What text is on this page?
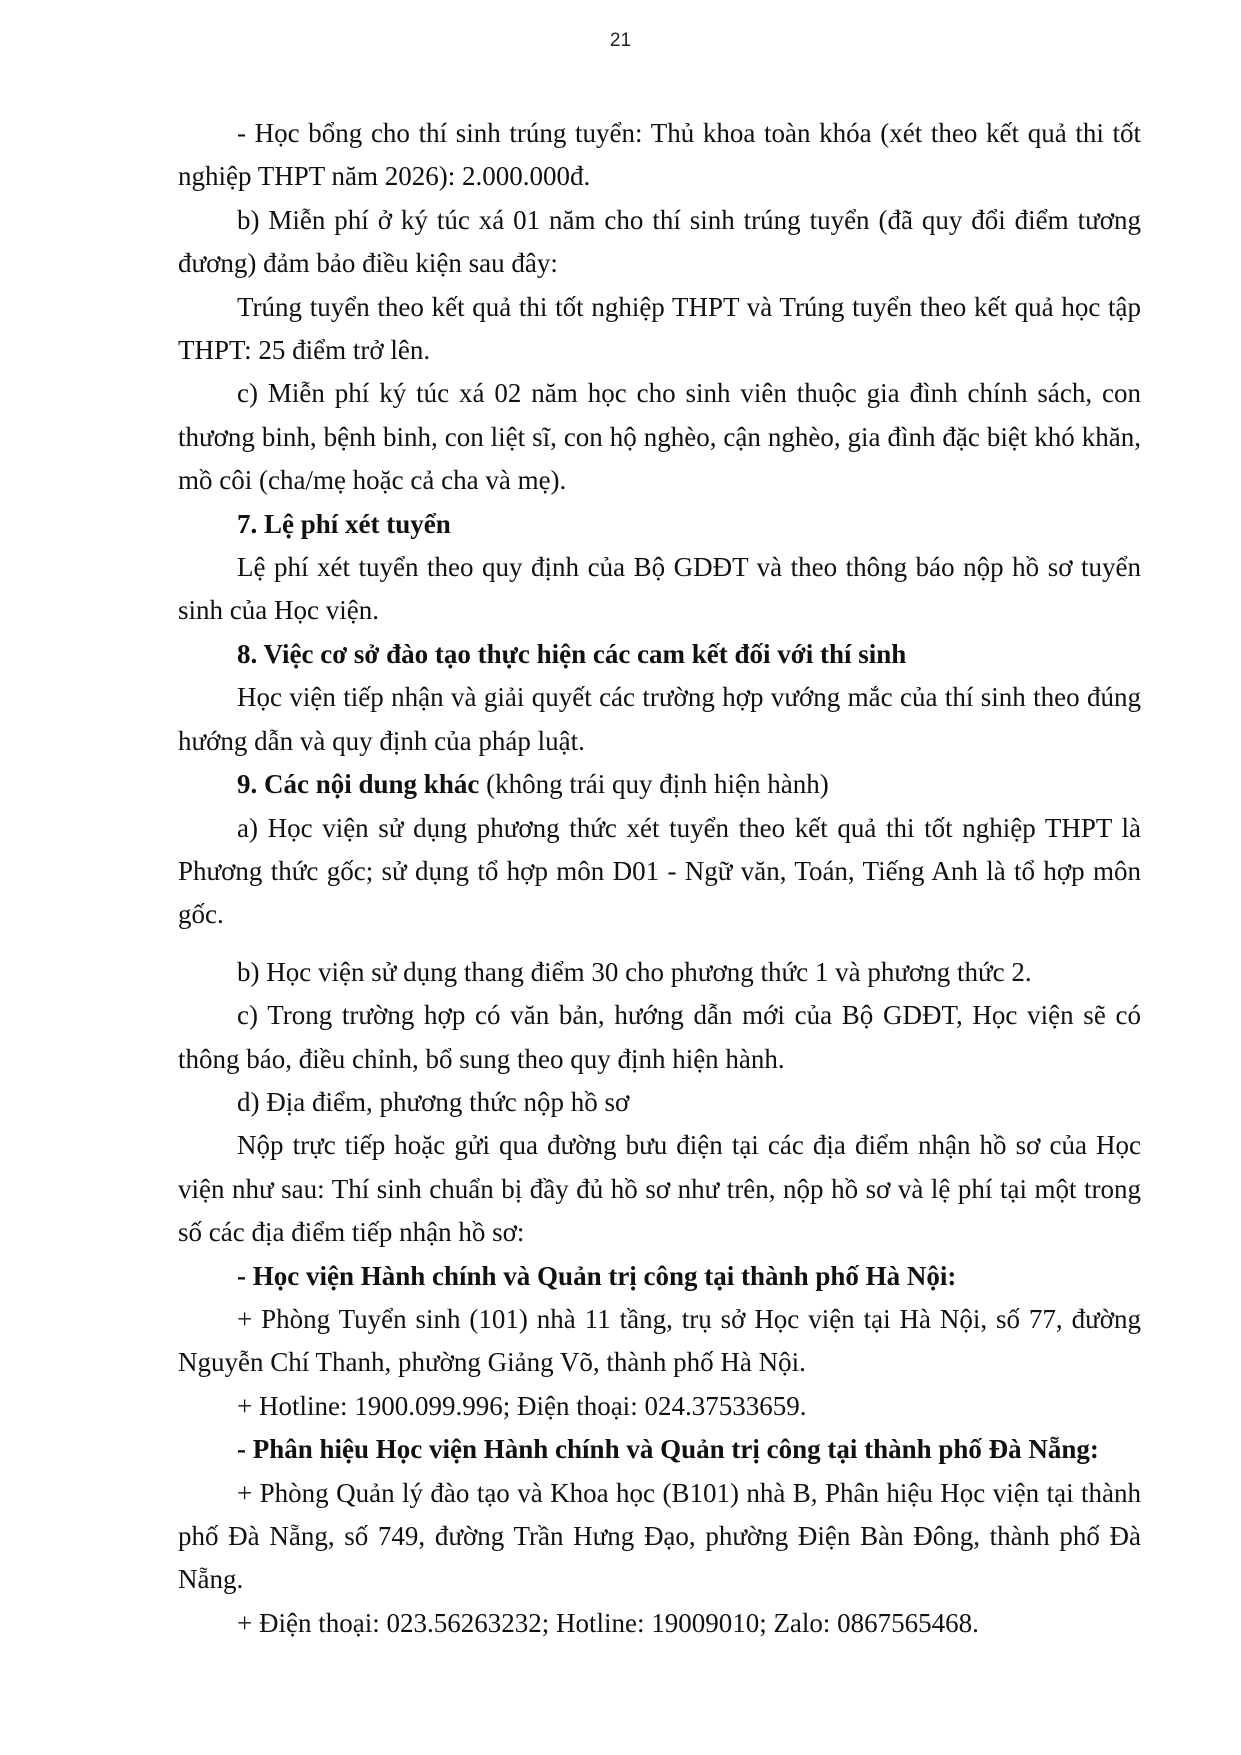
21

- Học bổng cho thí sinh trúng tuyển: Thủ khoa toàn khóa (xét theo kết quả thi tốt nghiệp THPT năm 2026): 2.000.000đ.

b) Miễn phí ở ký túc xá 01 năm cho thí sinh trúng tuyển (đã quy đổi điểm tương đương) đảm bảo điều kiện sau đây:

Trúng tuyển theo kết quả thi tốt nghiệp THPT và Trúng tuyển theo kết quả học tập THPT: 25 điểm trở lên.

c) Miễn phí ký túc xá 02 năm học cho sinh viên thuộc gia đình chính sách, con thương binh, bệnh binh, con liệt sĩ, con hộ nghèo, cận nghèo, gia đình đặc biệt khó khăn, mồ côi (cha/mẹ hoặc cả cha và mẹ).

7. Lệ phí xét tuyển

Lệ phí xét tuyển theo quy định của Bộ GDĐT và theo thông báo nộp hồ sơ tuyển sinh của Học viện.

8. Việc cơ sở đào tạo thực hiện các cam kết đối với thí sinh

Học viện tiếp nhận và giải quyết các trường hợp vướng mắc của thí sinh theo đúng hướng dẫn và quy định của pháp luật.

9. Các nội dung khác (không trái quy định hiện hành)

a) Học viện sử dụng phương thức xét tuyển theo kết quả thi tốt nghiệp THPT là Phương thức gốc; sử dụng tổ hợp môn D01 - Ngữ văn, Toán, Tiếng Anh là tổ hợp môn gốc.

b) Học viện sử dụng thang điểm 30 cho phương thức 1 và phương thức 2.

c) Trong trường hợp có văn bản, hướng dẫn mới của Bộ GDĐT, Học viện sẽ có thông báo, điều chỉnh, bổ sung theo quy định hiện hành.

d) Địa điểm, phương thức nộp hồ sơ

Nộp trực tiếp hoặc gửi qua đường bưu điện tại các địa điểm nhận hồ sơ của Học viện như sau: Thí sinh chuẩn bị đầy đủ hồ sơ như trên, nộp hồ sơ và lệ phí tại một trong số các địa điểm tiếp nhận hồ sơ:

- Học viện Hành chính và Quản trị công tại thành phố Hà Nội:

+ Phòng Tuyển sinh (101) nhà 11 tầng, trụ sở Học viện tại Hà Nội, số 77, đường Nguyễn Chí Thanh, phường Giảng Võ, thành phố Hà Nội.

+ Hotline: 1900.099.996; Điện thoại: 024.37533659.

- Phân hiệu Học viện Hành chính và Quản trị công tại thành phố Đà Nẵng:

+ Phòng Quản lý đào tạo và Khoa học (B101) nhà B, Phân hiệu Học viện tại thành phố Đà Nẵng, số 749, đường Trần Hưng Đạo, phường Điện Bàn Đông, thành phố Đà Nẵng.

+ Điện thoại: 023.56263232; Hotline: 19009010; Zalo: 0867565468.
